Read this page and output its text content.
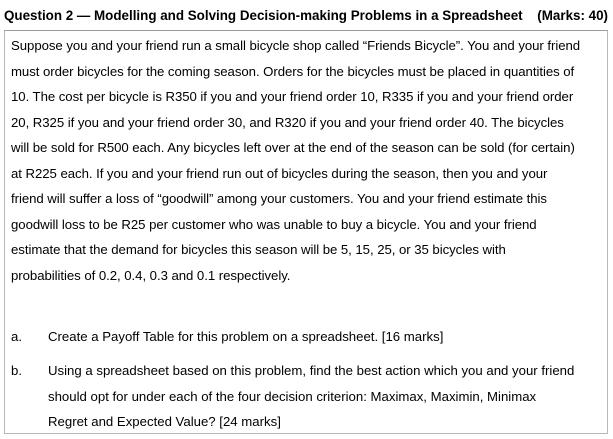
Question 2 — Modelling and Solving Decision-making Problems in a Spreadsheet (Marks: 40)
Suppose you and your friend run a small bicycle shop called “Friends Bicycle”. You and your friend
must order bicycles for the coming season. Orders for the bicycles must be placed in quantities of
10. The cost per bicycle is R350 if you and your friend order 10, R335 if you and your friend order
20, R325 if you and your friend order 30, and R320 if you and your friend order 40. The bicycles
will be sold for R500 each. Any bicycles left over at the end of the season can be sold (for certain)
at R225 each. If you and your friend run out of bicycles during the season, then you and your
friend will suffer a loss of “goodwill” among your customers. You and your friend estimate this
goodwill loss to be R25 per customer who was unable to buy a bicycle. You and your friend
estimate that the demand for bicycles this season will be 5, 15, 25, or 35 bicycles with
probabilities of 0.2, 0.4, 0.3 and 0.1 respectively.
a. Create a Payoff Table for this problem on a spreadsheet. [16 marks]
b. Using a spreadsheet based on this problem, find the best action which you and your friend
should opt for under each of the four decision criterion: Maximax, Maximin, Minimax
Regret and Expected Value? [24 marks]
